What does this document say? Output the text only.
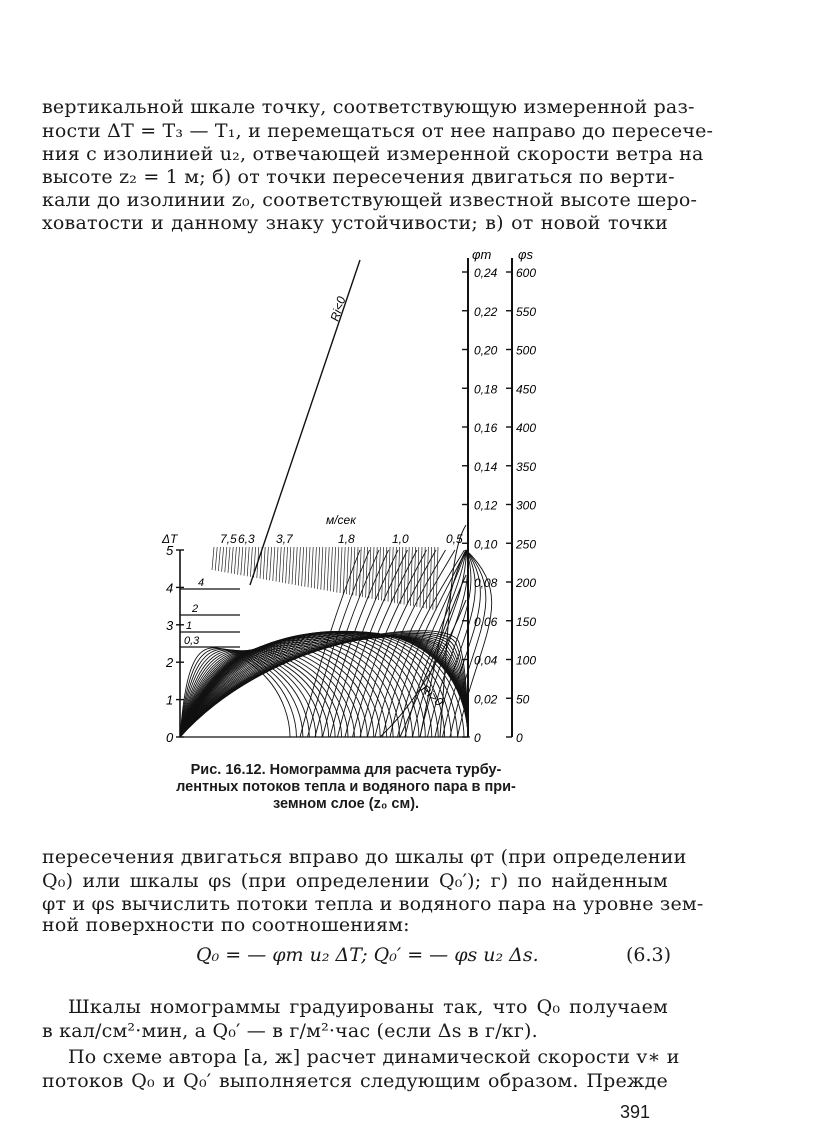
вертикальной шкале точку, соответствующую измеренной раз-
ности ΔT = T₃ — T₁, и перемещаться от нее направо до пересече-
ния с изолинией u₂, отвечающей измеренной скорости ветра на
высоте z₂ = 1 м; б) от точки пересечения двигаться по верти-
кали до изолинии z₀, соответствующей известной высоте шеро-
ховатости и данному знаку устойчивости; в) от новой точки
ΔT
0
1
2
3
4
5
φт φs
0	0
0,02 50
0,04 100
0,06 150
0,08 200
0,10 250
0,12 300
0,14 350
0,16 400
0,18 450
0,20 500
0,22 550
0,24 600
Ri<0
Ri>0
м/сек
7,5 6,3 3,7	1,8	1,0	0,5
4
2
1
0,3
Рис. 16.12. Номограмма для расчета турбу-
лентных потоков тепла и водяного пара в при-
земном слое (z₀ см).
пересечения двигаться вправо до шкалы φт (при определении
Q₀) или шкалы φs (при определении Q₀′); г) по найденным
φт и φs вычислить потоки тепла и водяного пара на уровне зем-
ной поверхности по соотношениям:
Q₀ = — φт u₂ ΔT; Q₀′ = — φs u₂ Δs.	(6.3)
Шкалы номограммы градуированы так, что Q₀ получаем
в кал/см²·мин, а Q₀′ — в г/м²·час (если Δs в г/кг).
По схеме автора [а, ж] расчет динамической скорости v∗ и
потоков Q₀ и Q₀′ выполняется следующим образом. Прежде
391
